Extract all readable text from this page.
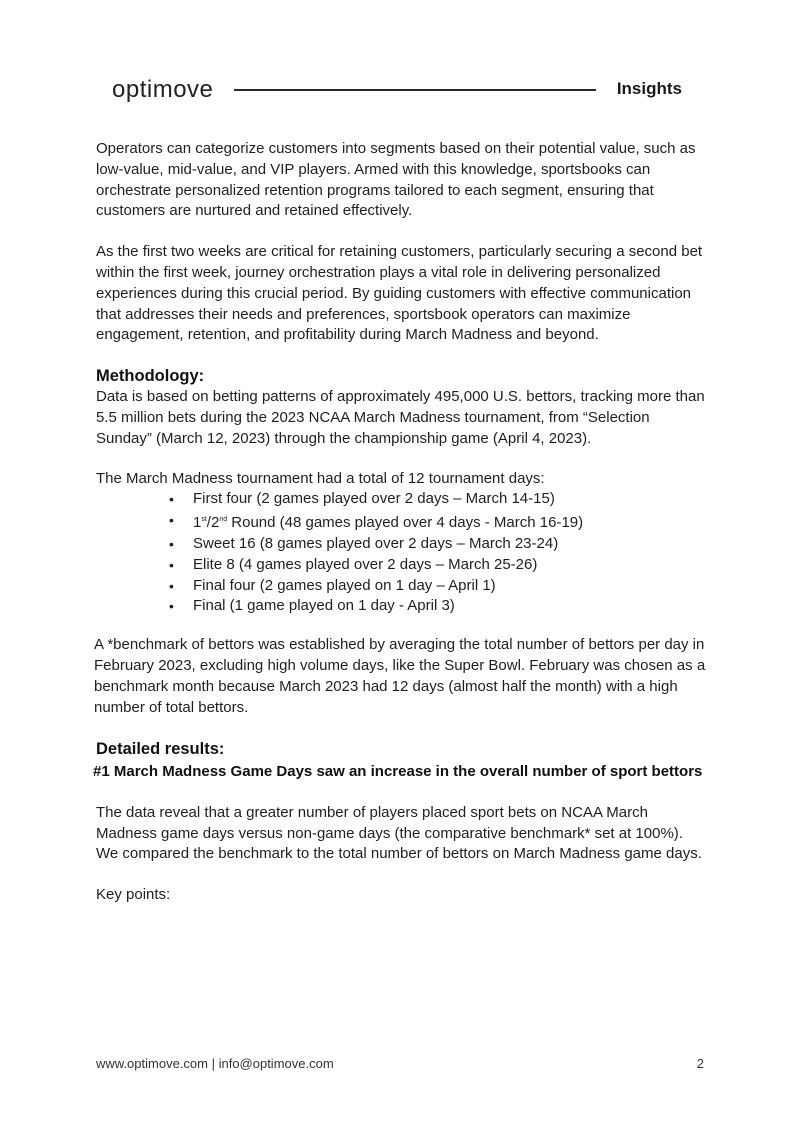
optimove	Insights

Operators can categorize customers into segments based on their potential value, such as low-value, mid-value, and VIP players. Armed with this knowledge, sportsbooks can orchestrate personalized retention programs tailored to each segment, ensuring that customers are nurtured and retained effectively.

As the first two weeks are critical for retaining customers, particularly securing a second bet within the first week, journey orchestration plays a vital role in delivering personalized experiences during this crucial period. By guiding customers with effective communication that addresses their needs and preferences, sportsbook operators can maximize engagement, retention, and profitability during March Madness and beyond.

Methodology:

Data is based on betting patterns of approximately 495,000 U.S. bettors, tracking more than 5.5 million bets during the 2023 NCAA March Madness tournament, from “Selection Sunday” (March 12, 2023) through the championship game (April 4, 2023).

The March Madness tournament had a total of 12 tournament days:

• First four (2 games played over 2 days – March 14-15)
• 1st/2nd Round (48 games played over 4 days - March 16-19)
• Sweet 16 (8 games played over 2 days – March 23-24)
• Elite 8 (4 games played over 2 days – March 25-26)
• Final four (2 games played on 1 day – April 1)
• Final (1 game played on 1 day - April 3)

A *benchmark of bettors was established by averaging the total number of bettors per day in February 2023, excluding high volume days, like the Super Bowl. February was chosen as a benchmark month because March 2023 had 12 days (almost half the month) with a high number of total bettors.

Detailed results:
#1 March Madness Game Days saw an increase in the overall number of sport bettors

The data reveal that a greater number of players placed sport bets on NCAA March Madness game days versus non-game days (the comparative benchmark* set at 100%). We compared the benchmark to the total number of bettors on March Madness game days.

Key points:

www.optimove.com | info@optimove.com	2
